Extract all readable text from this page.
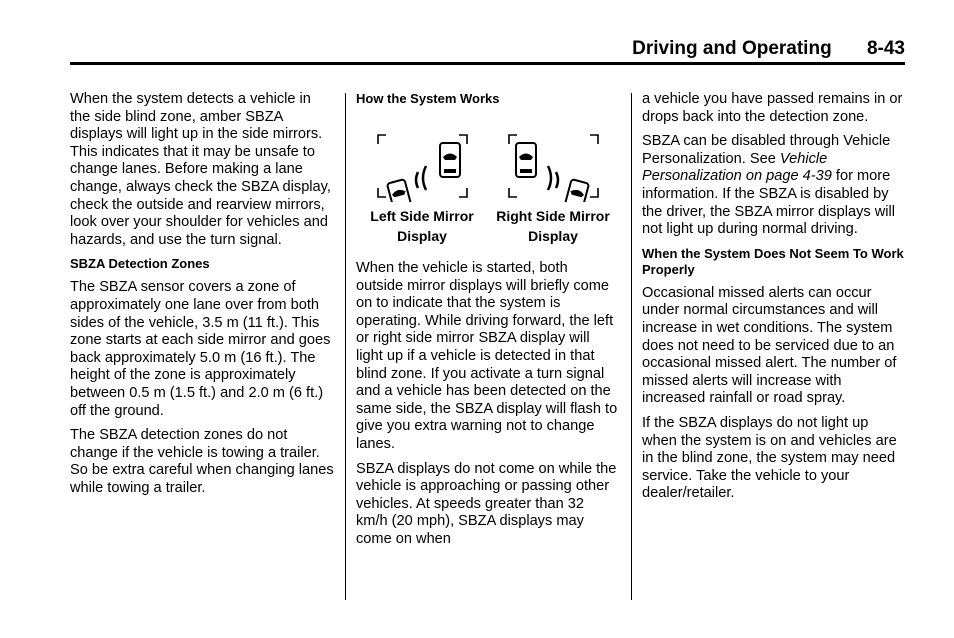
Driving and Operating 8-43

When the system detects a vehicle in the side blind zone, amber SBZA displays will light up in the side mirrors. This indicates that it may be unsafe to change lanes. Before making a lane change, always check the SBZA display, check the outside and rearview mirrors, look over your shoulder for vehicles and hazards, and use the turn signal.

SBZA Detection Zones

The SBZA sensor covers a zone of approximately one lane over from both sides of the vehicle, 3.5 m (11 ft.). This zone starts at each side mirror and goes back approximately 5.0 m (16 ft.). The height of the zone is approximately between 0.5 m (1.5 ft.) and 2.0 m (6 ft.) off the ground.

The SBZA detection zones do not change if the vehicle is towing a trailer. So be extra careful when changing lanes while towing a trailer.

How the System Works
Left Side Mirror Display
Right Side Mirror Display

When the vehicle is started, both outside mirror displays will briefly come on to indicate that the system is operating. While driving forward, the left or right side mirror SBZA display will light up if a vehicle is detected in that blind zone. If you activate a turn signal and a vehicle has been detected on the same side, the SBZA display will flash to give you extra warning not to change lanes.

SBZA displays do not come on while the vehicle is approaching or passing other vehicles. At speeds greater than 32 km/h (20 mph), SBZA displays may come on when

a vehicle you have passed remains in or drops back into the detection zone.

SBZA can be disabled through Vehicle Personalization. See Vehicle Personalization on page 4-39 for more information. If the SBZA is disabled by the driver, the SBZA mirror displays will not light up during normal driving.

When the System Does Not Seem To Work Properly

Occasional missed alerts can occur under normal circumstances and will increase in wet conditions. The system does not need to be serviced due to an occasional missed alert. The number of missed alerts will increase with increased rainfall or road spray.

If the SBZA displays do not light up when the system is on and vehicles are in the blind zone, the system may need service. Take the vehicle to your dealer/retailer.
